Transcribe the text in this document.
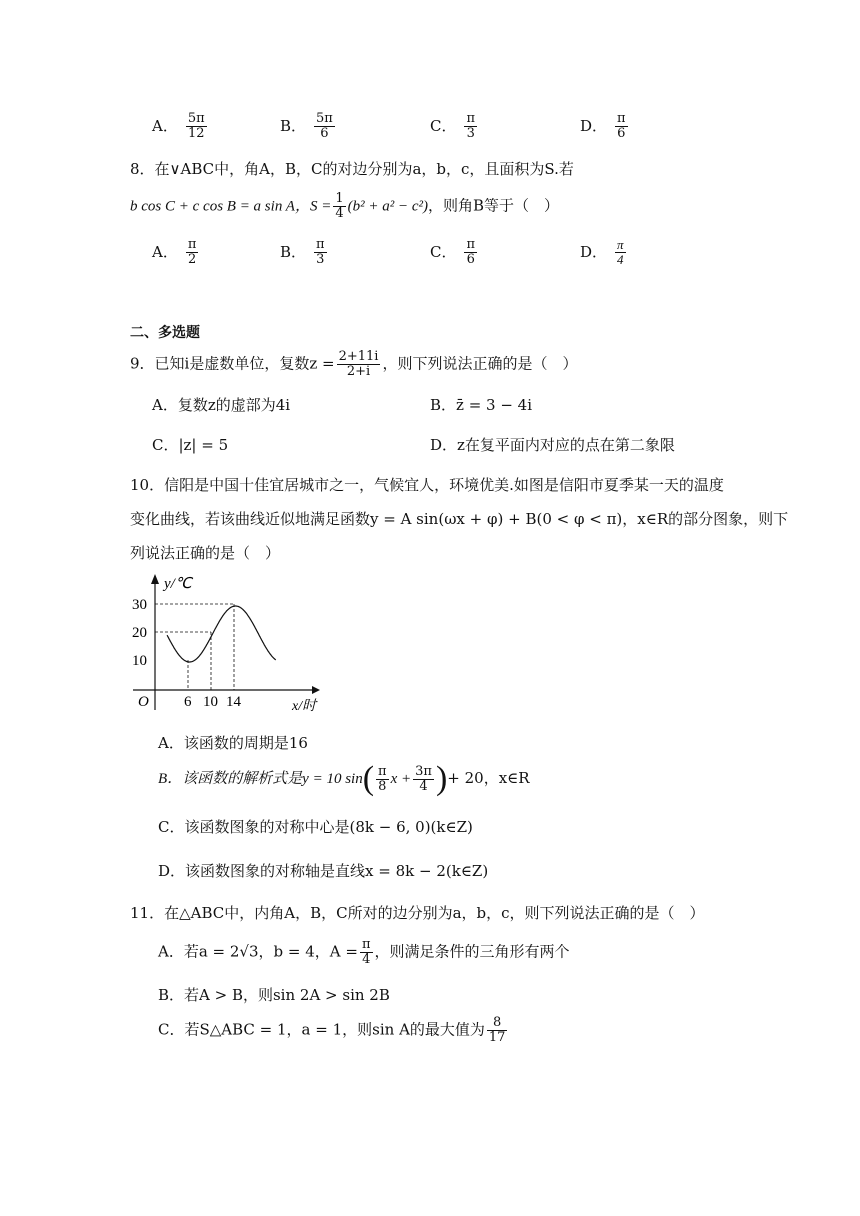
A． $\frac{5\pi}{12}$	B． $\frac{5\pi}{6}$	C． $\frac{\pi}{3}$	D． $\frac{\pi}{6}$
8．在∨ABC中，角A，B，C的对边分别为a，b，c，且面积为S.若
b cos C + c cos B = a sin A，$S = \frac{1}{4} (b^2 + a^2 - c^2)$，则角B等于（　）
A． $\frac{\pi}{2}$	B． $\frac{\pi}{3}$	C． $\frac{\pi}{6}$	D． $\frac{\pi}{4}$
二、多选题
9．已知i是虚数单位，复数$z = \frac{2+11i}{2+i}$ ，则下列说法正确的是（　）
A．复数z的虚部为4i	B．z̄ = 3 − 4i
C．|z| = 5	D．z在复平面内对应的点在第二象限
10．信阳是中国十佳宜居城市之一，气候宜人，环境优美.如图是信阳市夏季某一天的温度
变化曲线，若该曲线近似地满足函数y = A sin(ωx + φ) + B(0 < φ < π)，x∈R的部分图象，则下
列说法正确的是（　）
y/℃
x/时
O
10
20
30
6 10 14
A．该函数的周期是16
B．该函数的解析式是y = 10 $\sin( \frac{\pi}{8}$ $x + \frac{3\pi}{4}$ )+ 20，x∈R
C．该函数图象的对称中心是(8k − 6, 0)(k∈Z)
D．该函数图象的对称轴是直线x = 8k − 2(k∈Z)
11．在△ABC中，内角A，B，C所对的边分别为a，b，c，则下列说法正确的是（　）
A．若a = 2√3，b = 4，$A = \frac{\pi}{4}$ ，则满足条件的三角形有两个
B．若A > B，则sin 2A > sin 2B
C．若S△ABC = 1，a = 1，则sin A的最大值为 $\frac{8}{17}$
